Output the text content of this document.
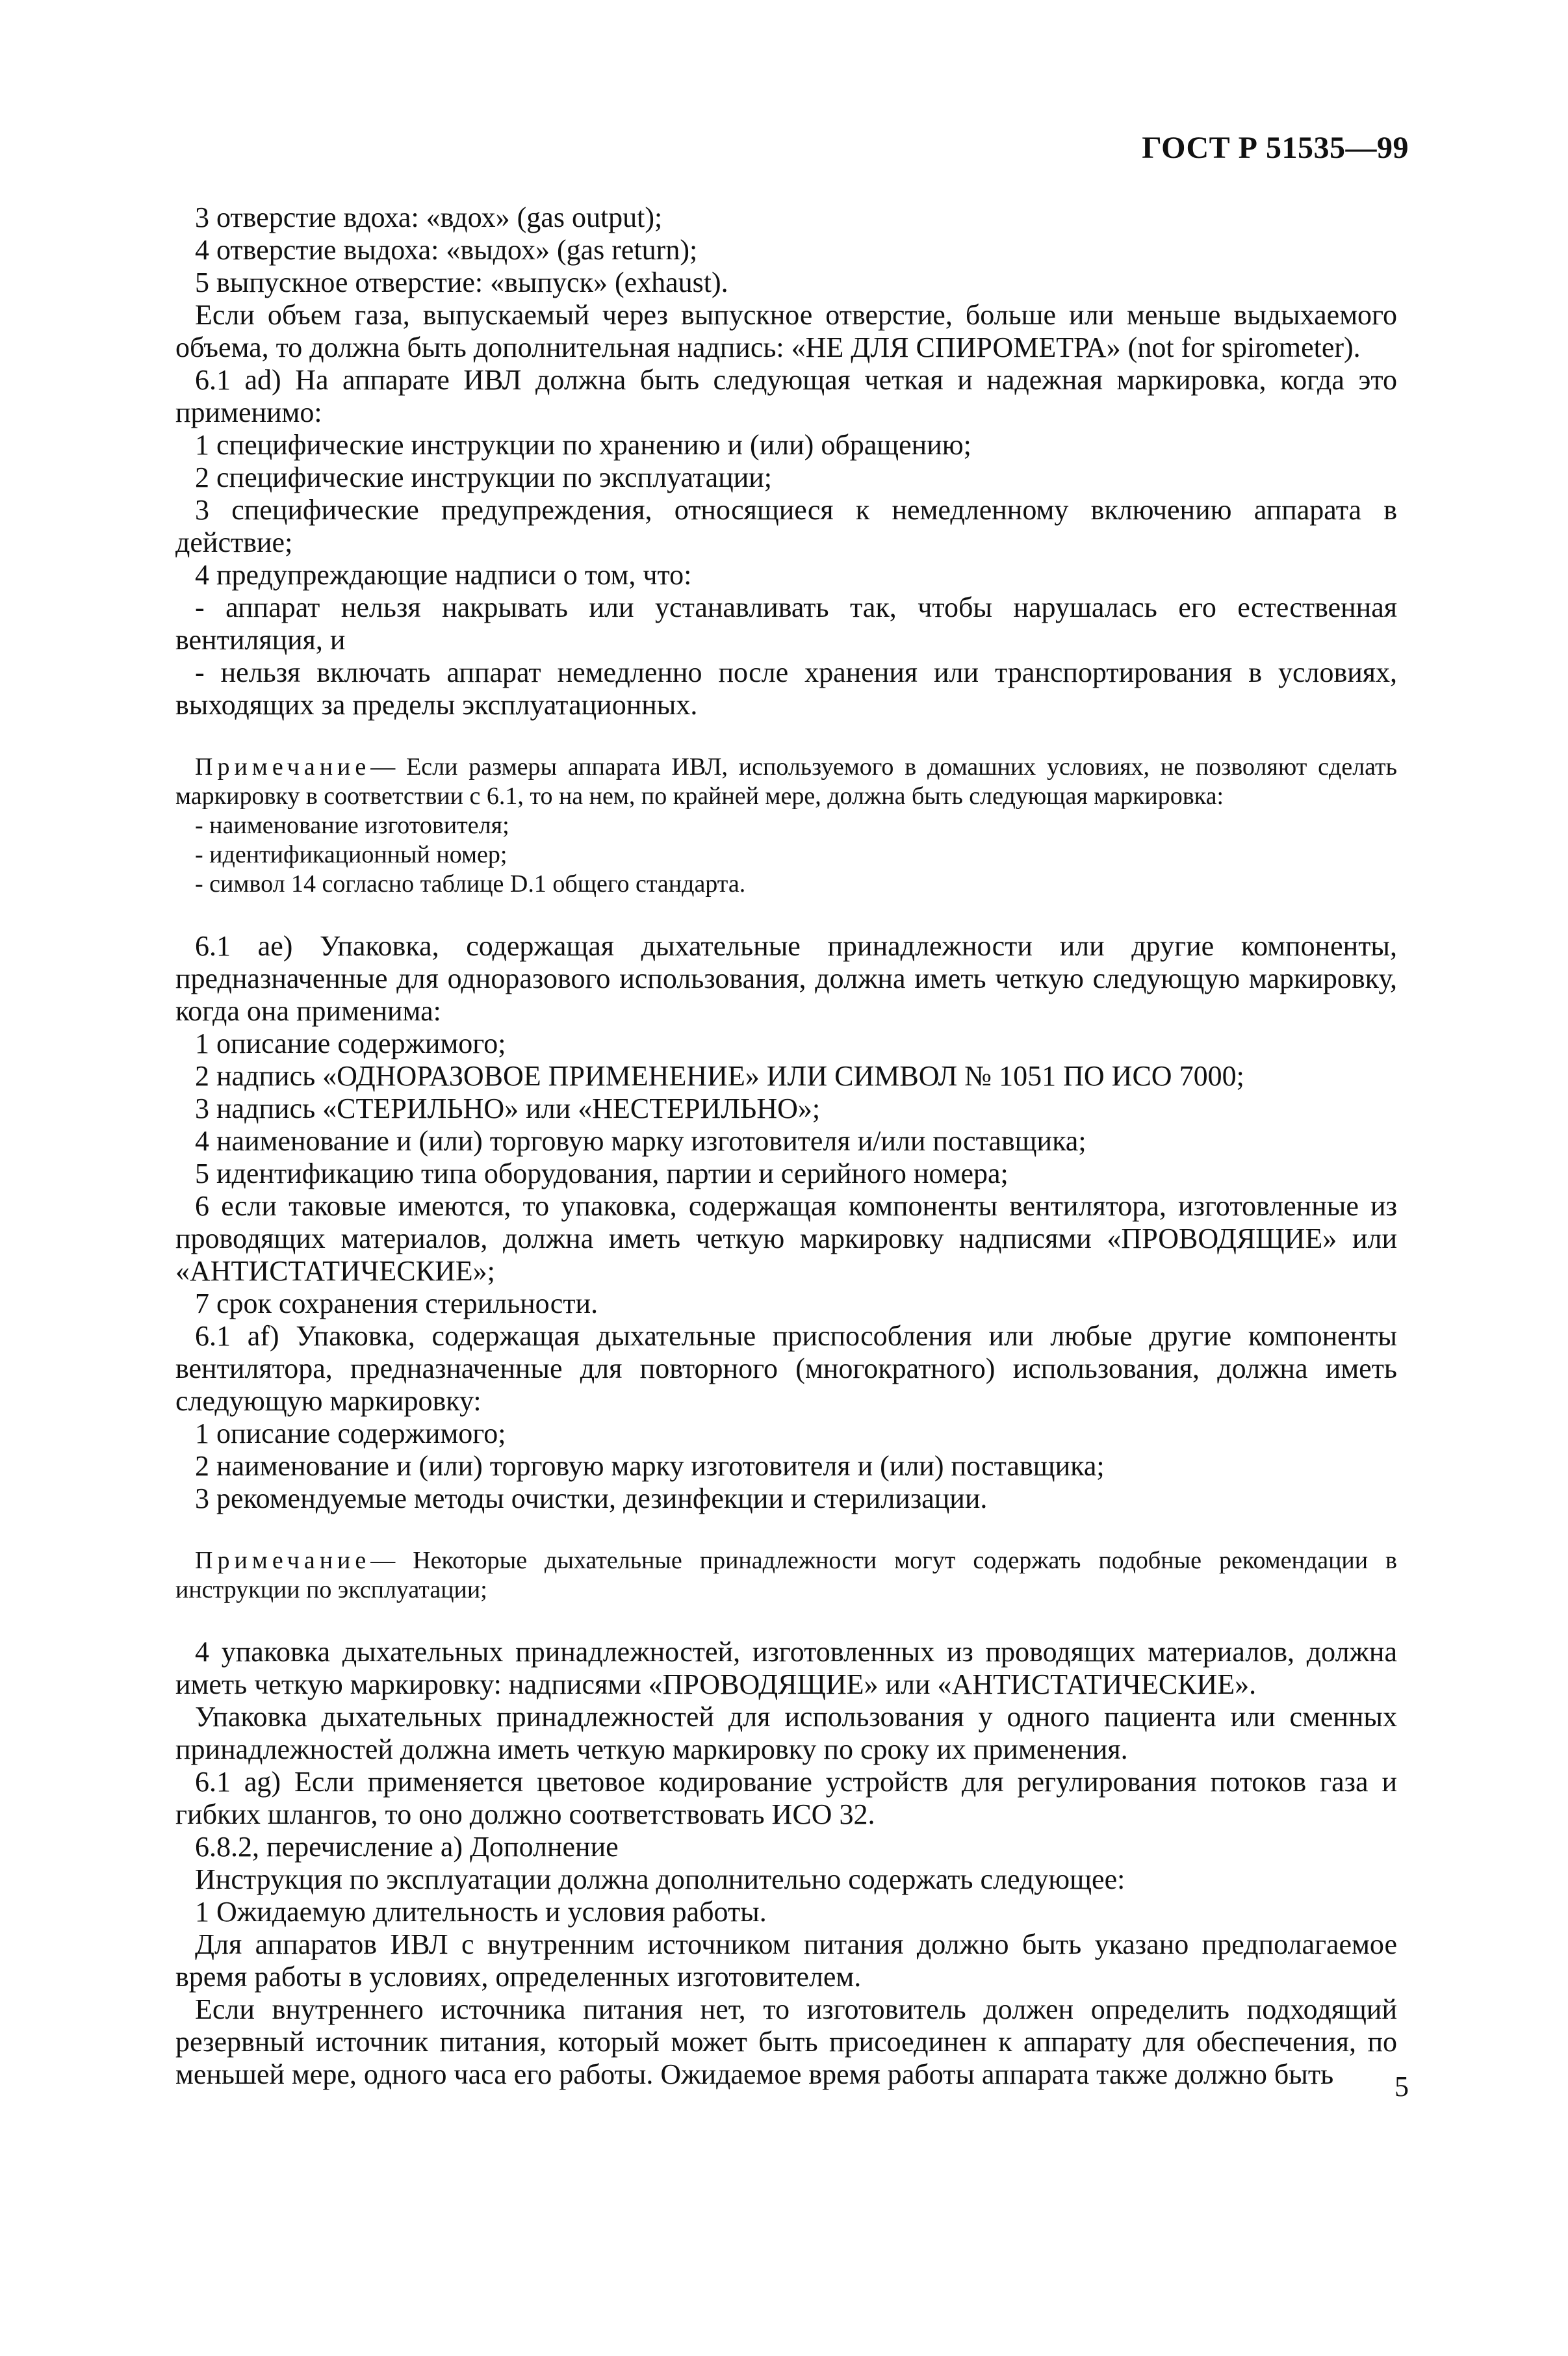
ГОСТ Р 51535—99

3 отверстие вдоха: «вдох» (gas output);

4 отверстие выдоха: «выдох» (gas return);

5 выпускное отверстие: «выпуск» (exhaust).

Если объем газа, выпускаемый через выпускное отверстие, больше или меньше выдыхаемого объема, то должна быть дополнительная надпись: «НЕ ДЛЯ СПИРОМЕТРА» (not for spirometer).

6.1 ad) На аппарате ИВЛ должна быть следующая четкая и надежная маркировка, когда это применимо:

1 специфические инструкции по хранению и (или) обращению;

2 специфические инструкции по эксплуатации;

3 специфические предупреждения, относящиеся к немедленному включению аппарата в действие;

4 предупреждающие надписи о том, что:

- аппарат нельзя накрывать или устанавливать так, чтобы нарушалась его естественная вентиляция, и

- нельзя включать аппарат немедленно после хранения или транспортирования в условиях, выходящих за пределы эксплуатационных.

Примечание— Если размеры аппарата ИВЛ, используемого в домашних условиях, не позволяют сделать маркировку в соответствии с 6.1, то на нем, по крайней мере, должна быть следующая маркировка:

- наименование изготовителя;

- идентификационный номер;

- символ 14 согласно таблице D.1 общего стандарта.

6.1 ae) Упаковка, содержащая дыхательные принадлежности или другие компоненты, предназначенные для одноразового использования, должна иметь четкую следующую маркировку, когда она применима:

1 описание содержимого;

2 надпись «ОДНОРАЗОВОЕ ПРИМЕНЕНИЕ» ИЛИ СИМВОЛ № 1051 ПО ИСО 7000;

3 надпись «СТЕРИЛЬНО» или «НЕСТЕРИЛЬНО»;

4 наименование и (или) торговую марку изготовителя и/или поставщика;

5 идентификацию типа оборудования, партии и серийного номера;

6 если таковые имеются, то упаковка, содержащая компоненты вентилятора, изготовленные из проводящих материалов, должна иметь четкую маркировку надписями «ПРОВОДЯЩИЕ» или «АНТИСТАТИЧЕСКИЕ»;

7 срок сохранения стерильности.

6.1 af) Упаковка, содержащая дыхательные приспособления или любые другие компоненты вентилятора, предназначенные для повторного (многократного) использования, должна иметь следующую маркировку:

1 описание содержимого;

2 наименование и (или) торговую марку изготовителя и (или) поставщика;

3 рекомендуемые методы очистки, дезинфекции и стерилизации.

Примечание— Некоторые дыхательные принадлежности могут содержать подобные рекомендации в инструкции по эксплуатации;

4 упаковка дыхательных принадлежностей, изготовленных из проводящих материалов, должна иметь четкую маркировку: надписями «ПРОВОДЯЩИЕ» или «АНТИСТАТИЧЕСКИЕ».

Упаковка дыхательных принадлежностей для использования у одного пациента или сменных принадлежностей должна иметь четкую маркировку по сроку их применения.

6.1 ag) Если применяется цветовое кодирование устройств для регулирования потоков газа и гибких шлангов, то оно должно соответствовать ИСО 32.

6.8.2, перечисление а) Дополнение

Инструкция по эксплуатации должна дополнительно содержать следующее:

1 Ожидаемую длительность и условия работы.

Для аппаратов ИВЛ с внутренним источником питания должно быть указано предполагаемое время работы в условиях, определенных изготовителем.

Если внутреннего источника питания нет, то изготовитель должен определить подходящий резервный источник питания, который может быть присоединен к аппарату для обеспечения, по меньшей мере, одного часа его работы. Ожидаемое время работы аппарата также должно быть	5
